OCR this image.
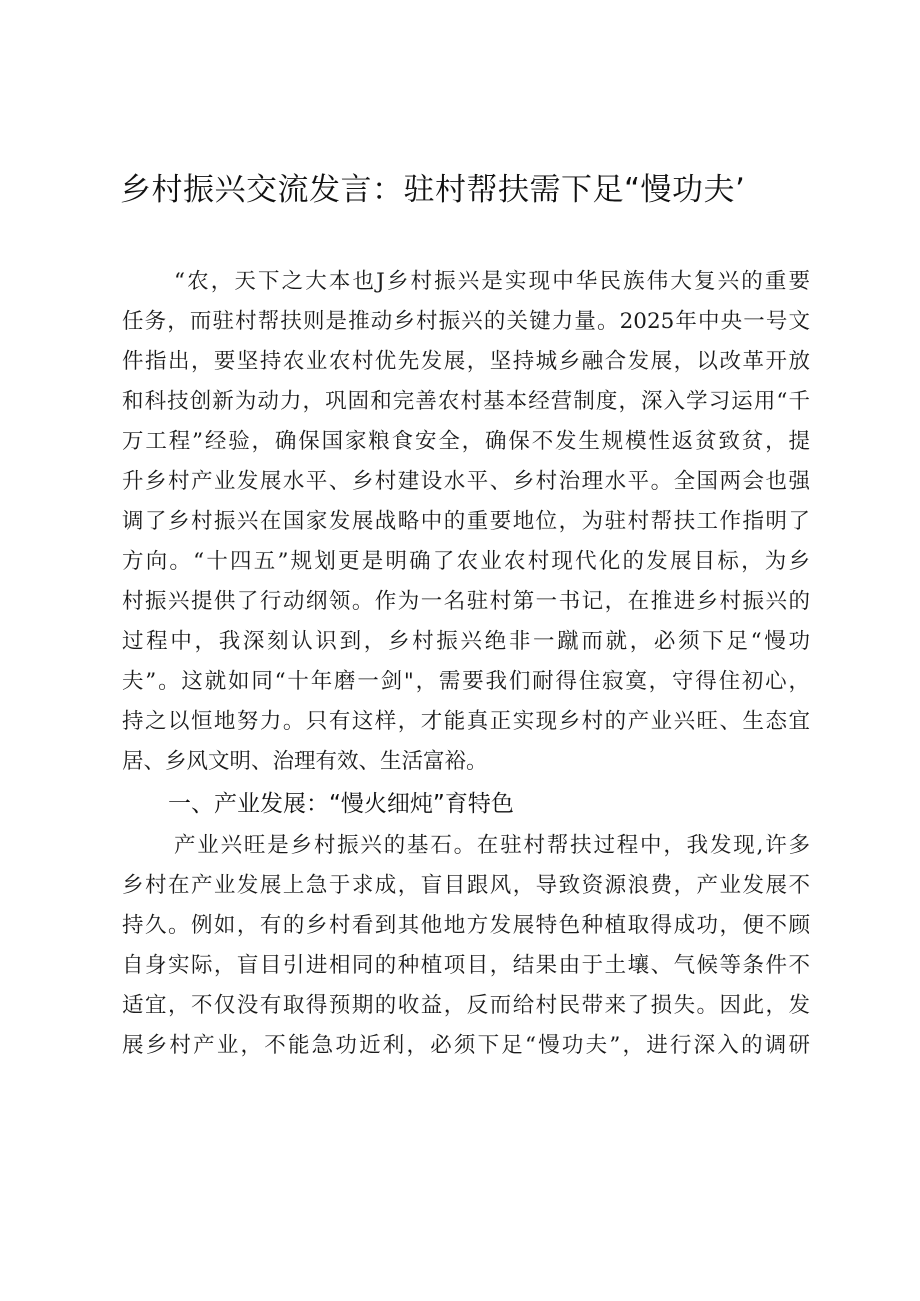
乡村振兴交流发言：驻村帮扶需下足“慢功夫’
“农，天下之大本也J乡村振兴是实现中华民族伟大复兴的重要
任务，而驻村帮扶则是推动乡村振兴的关键力量。2025年中央一号文
件指出，要坚持农业农村优先发展，坚持城乡融合发展，以改革开放
和科技创新为动力，巩固和完善农村基本经营制度，深入学习运用“千
万工程”经验，确保国家粮食安全，确保不发生规模性返贫致贫，提
升乡村产业发展水平、乡村建设水平、乡村治理水平。全国两会也强
调了乡村振兴在国家发展战略中的重要地位，为驻村帮扶工作指明了
方向。“十四五”规划更是明确了农业农村现代化的发展目标，为乡
村振兴提供了行动纲领。作为一名驻村第一书记，在推进乡村振兴的
过程中，我深刻认识到，乡村振兴绝非一蹴而就，必须下足“慢功
夫”。这就如同“十年磨一剑"，需要我们耐得住寂寞，守得住初心，
持之以恒地努力。只有这样，才能真正实现乡村的产业兴旺、生态宜
居、乡风文明、治理有效、生活富裕。
一、产业发展：“慢火细炖”育特色
产业兴旺是乡村振兴的基石。在驻村帮扶过程中，我发现,许多
乡村在产业发展上急于求成，盲目跟风，导致资源浪费，产业发展不
持久。例如，有的乡村看到其他地方发展特色种植取得成功，便不顾
自身实际，盲目引进相同的种植项目，结果由于土壤、气候等条件不
适宜，不仅没有取得预期的收益，反而给村民带来了损失。因此，发
展乡村产业，不能急功近利，必须下足“慢功夫”，进行深入的调研
